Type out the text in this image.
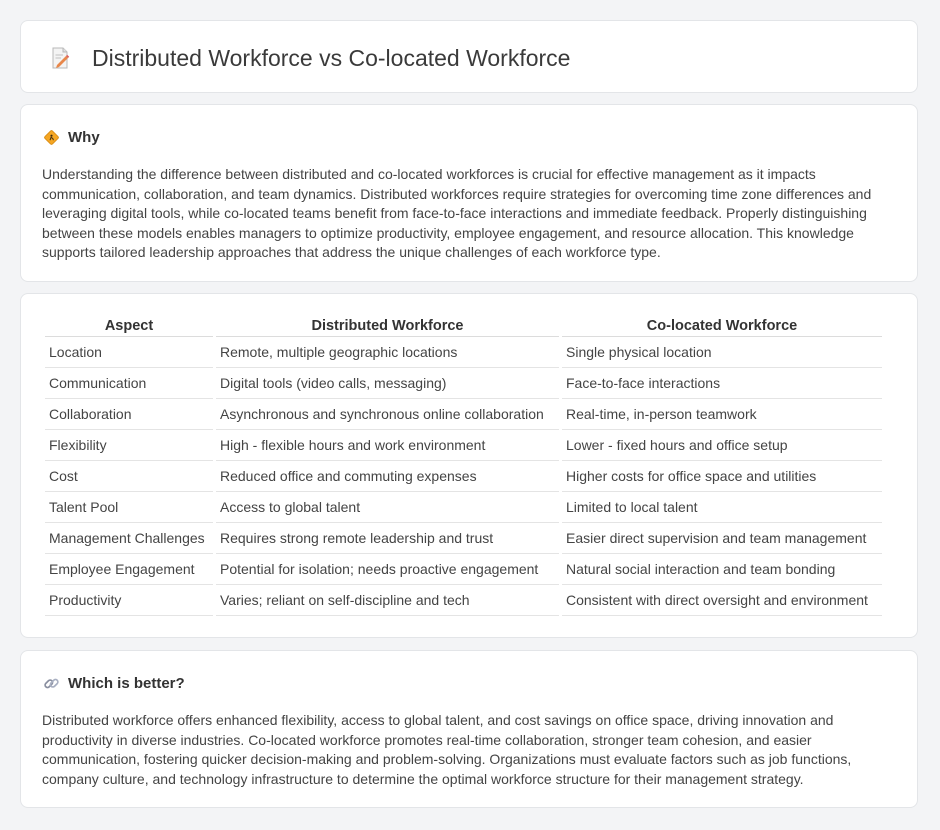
Distributed Workforce vs Co-located Workforce
Why

Understanding the difference between distributed and co-located workforces is crucial for effective management as it impacts communication, collaboration, and team dynamics. Distributed workforces require strategies for overcoming time zone differences and leveraging digital tools, while co-located teams benefit from face-to-face interactions and immediate feedback. Properly distinguishing between these models enables managers to optimize productivity, employee engagement, and resource allocation. This knowledge supports tailored leadership approaches that address the unique challenges of each workforce type.

Aspect	Distributed Workforce	Co-located Workforce
Location	Remote, multiple geographic locations	Single physical location
Communication	Digital tools (video calls, messaging)	Face-to-face interactions
Collaboration	Asynchronous and synchronous online collaboration	Real-time, in-person teamwork
Flexibility	High - flexible hours and work environment	Lower - fixed hours and office setup
Cost	Reduced office and commuting expenses	Higher costs for office space and utilities
Talent Pool	Access to global talent	Limited to local talent
Management Challenges	Requires strong remote leadership and trust	Easier direct supervision and team management
Employee Engagement	Potential for isolation; needs proactive engagement	Natural social interaction and team bonding
Productivity	Varies; reliant on self-discipline and tech	Consistent with direct oversight and environment
Which is better?

Distributed workforce offers enhanced flexibility, access to global talent, and cost savings on office space, driving innovation and productivity in diverse industries. Co-located workforce promotes real-time collaboration, stronger team cohesion, and easier communication, fostering quicker decision-making and problem-solving. Organizations must evaluate factors such as job functions, company culture, and technology infrastructure to determine the optimal workforce structure for their management strategy.
